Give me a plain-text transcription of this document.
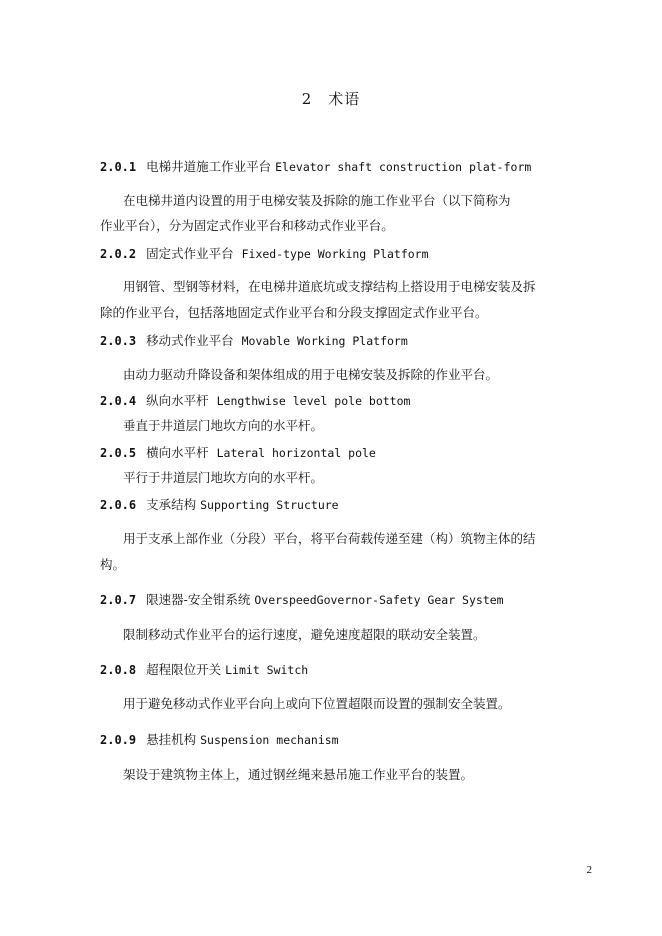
2　术语
2.0.1 电梯井道施工作业平台 Elevator shaft construction plat-form
在电梯井道内设置的用于电梯安装及拆除的施工作业平台（以下简称为
作业平台），分为固定式作业平台和移动式作业平台。
2.0.2 固定式作业平台 Fixed-type Working Platform
用钢管、型钢等材料，在电梯井道底坑或支撑结构上搭设用于电梯安装及拆
除的作业平台，包括落地固定式作业平台和分段支撑固定式作业平台。
2.0.3 移动式作业平台 Movable Working Platform
由动力驱动升降设备和架体组成的用于电梯安装及拆除的作业平台。
2.0.4 纵向水平杆 Lengthwise level pole bottom
垂直于井道层门地坎方向的水平杆。
2.0.5 横向水平杆 Lateral horizontal pole
平行于井道层门地坎方向的水平杆。
2.0.6 支承结构 Supporting Structure
用于支承上部作业（分段）平台，将平台荷载传递至建（构）筑物主体的结
构。
2.0.7 限速器-安全钳系统 OverspeedGovernor-Safety Gear System
限制移动式作业平台的运行速度，避免速度超限的联动安全装置。
2.0.8 超程限位开关 Limit Switch
用于避免移动式作业平台向上或向下位置超限而设置的强制安全装置。
2.0.9 悬挂机构 Suspension mechanism
架设于建筑物主体上，通过钢丝绳来悬吊施工作业平台的装置。
2
